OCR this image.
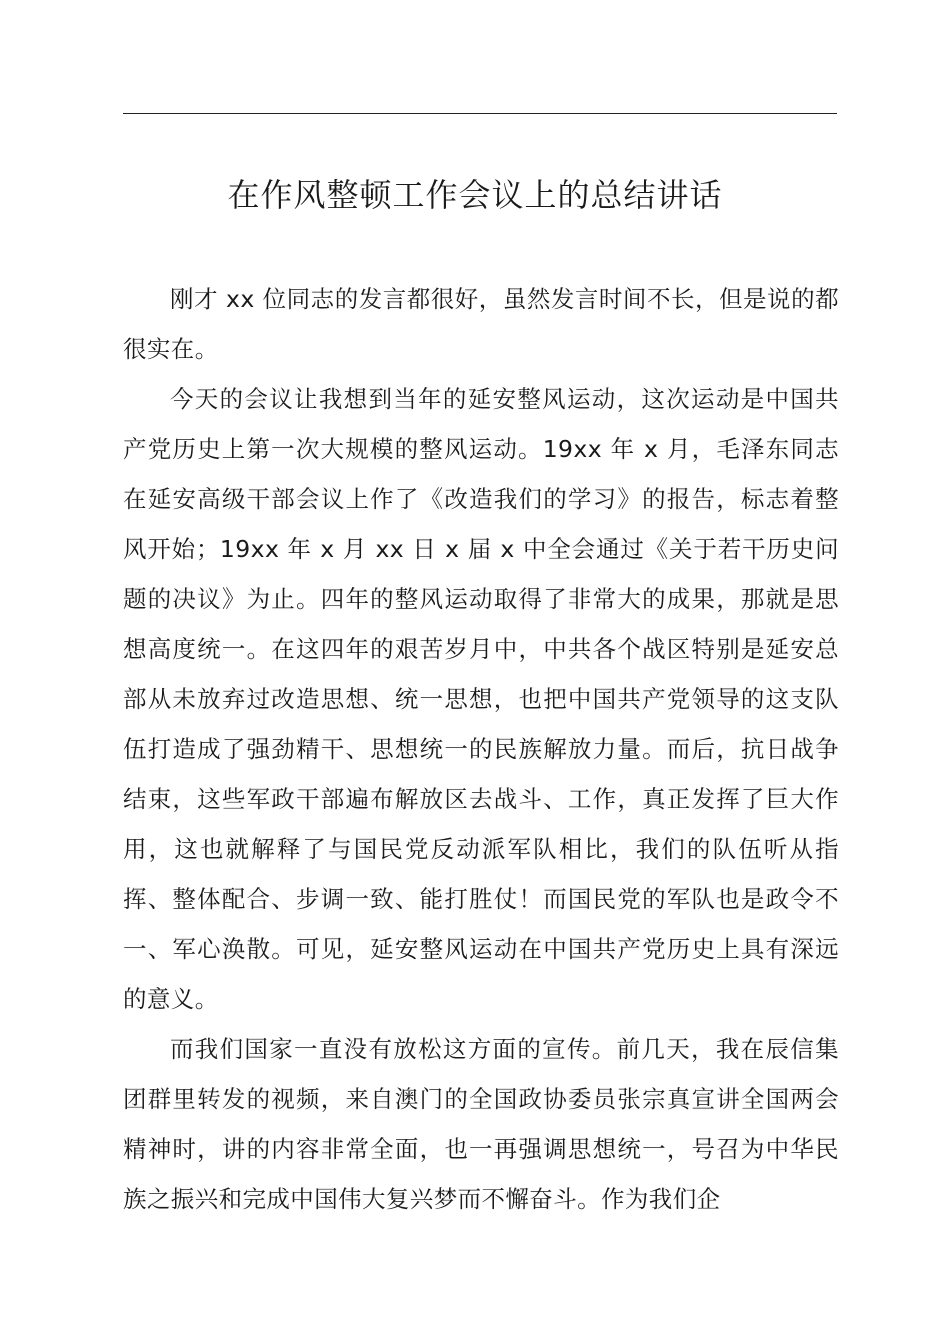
在作风整顿工作会议上的总结讲话

刚才 xx 位同志的发言都很好，虽然发言时间不长，但是说的都很实在。

今天的会议让我想到当年的延安整风运动，这次运动是中国共产党历史上第一次大规模的整风运动。19xx 年 x 月，毛泽东同志在延安高级干部会议上作了《改造我们的学习》的报告，标志着整风开始；19xx 年 x 月 xx 日 x 届 x 中全会通过《关于若干历史问题的决议》为止。四年的整风运动取得了非常大的成果，那就是思想高度统一。在这四年的艰苦岁月中，中共各个战区特别是延安总部从未放弃过改造思想、统一思想，也把中国共产党领导的这支队伍打造成了强劲精干、思想统一的民族解放力量。而后，抗日战争结束，这些军政干部遍布解放区去战斗、工作，真正发挥了巨大作用，这也就解释了与国民党反动派军队相比，我们的队伍听从指挥、整体配合、步调一致、能打胜仗！而国民党的军队也是政令不一、军心涣散。可见，延安整风运动在中国共产党历史上具有深远的意义。

而我们国家一直没有放松这方面的宣传。前几天，我在辰信集团群里转发的视频，来自澳门的全国政协委员张宗真宣讲全国两会精神时，讲的内容非常全面，也一再强调思想统一，号召为中华民族之振兴和完成中国伟大复兴梦而不懈奋斗。作为我们企
